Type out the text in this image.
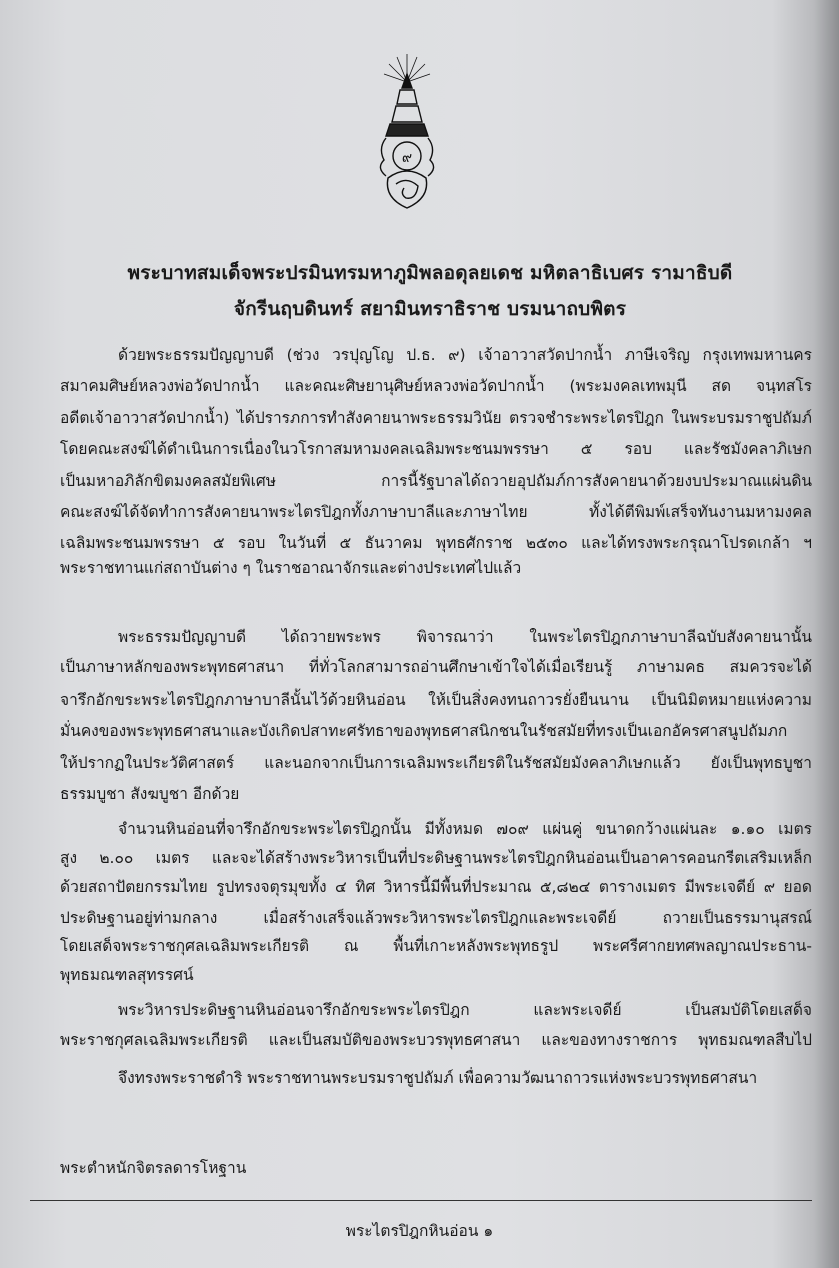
๙
พระบาทสมเด็จพระปรมินทรมหาภูมิพลอดุลยเดช มหิตลาธิเบศร รามาธิบดี
จักรีนฤบดินทร์ สยามินทราธิราช บรมนาถบพิตร
ด้วยพระธรรมปัญญาบดี (ช่วง วรปุญโญ ป.ธ. ๙) เจ้าอาวาสวัดปากน้ำ ภาษีเจริญ กรุงเทพมหานคร
สมาคมศิษย์หลวงพ่อวัดปากน้ำ และคณะศิษยานุศิษย์หลวงพ่อวัดปากน้ำ (พระมงคลเทพมุนี สด จนฺทสโร
อดีตเจ้าอาวาสวัดปากน้ำ) ได้ปรารภการทำสังคายนาพระธรรมวินัย ตรวจชำระพระไตรปิฎก ในพระบรมราชูปถัมภ์
โดยคณะสงฆ์ได้ดำเนินการเนื่องในวโรกาสมหามงคลเฉลิมพระชนมพรรษา ๕ รอบ และรัชมังคลาภิเษก
เป็นมหาอภิลักขิตมงคลสมัยพิเศษ การนี้รัฐบาลได้ถวายอุปถัมภ์การสังคายนาด้วยงบประมาณแผ่นดิน
คณะสงฆ์ได้จัดทำการสังคายนาพระไตรปิฎกทั้งภาษาบาลีและภาษาไทย ทั้งได้ตีพิมพ์เสร็จทันงานมหามงคล
เฉลิมพระชนมพรรษา ๕ รอบ ในวันที่ ๕ ธันวาคม พุทธศักราช ๒๕๓๐ และได้ทรงพระกรุณาโปรดเกล้า ฯ
พระราชทานแก่สถาบันต่าง ๆ ในราชอาณาจักรและต่างประเทศไปแล้ว
พระธรรมปัญญาบดี ได้ถวายพระพร พิจารณาว่า ในพระไตรปิฎกภาษาบาลีฉบับสังคายนานั้น
เป็นภาษาหลักของพระพุทธศาสนา ที่ทั่วโลกสามารถอ่านศึกษาเข้าใจได้เมื่อเรียนรู้ ภาษามคธ สมควรจะได้
จารึกอักขระพระไตรปิฎกภาษาบาลีนั้นไว้ด้วยหินอ่อน ให้เป็นสิ่งคงทนถาวรยั่งยืนนาน เป็นนิมิตหมายแห่งความ
มั่นคงของพระพุทธศาสนาและบังเกิดปสาทะศรัทธาของพุทธศาสนิกชนในรัชสมัยที่ทรงเป็นเอกอัครศาสนูปถัมภก
ให้ปรากฏในประวัติศาสตร์ และนอกจากเป็นการเฉลิมพระเกียรติในรัชสมัยมังคลาภิเษกแล้ว ยังเป็นพุทธบูชา
ธรรมบูชา สังฆบูชา อีกด้วย
จำนวนหินอ่อนที่จารึกอักขระพระไตรปิฎกนั้น มีทั้งหมด ๗๐๙ แผ่นคู่ ขนาดกว้างแผ่นละ ๑.๑๐ เมตร
สูง ๒.๐๐ เมตร และจะได้สร้างพระวิหารเป็นที่ประดิษฐานพระไตรปิฎกหินอ่อนเป็นอาคารคอนกรีตเสริมเหล็ก
ด้วยสถาปัตยกรรมไทย รูปทรงจตุรมุขทั้ง ๔ ทิศ วิหารนี้มีพื้นที่ประมาณ ๕,๘๒๔ ตารางเมตร มีพระเจดีย์ ๙ ยอด
ประดิษฐานอยู่ท่ามกลาง เมื่อสร้างเสร็จแล้วพระวิหารพระไตรปิฎกและพระเจดีย์ ถวายเป็นธรรมานุสรณ์
โดยเสด็จพระราชกุศลเฉลิมพระเกียรติ ณ พื้นที่เกาะหลังพระพุทธรูป พระศรีศากยทศพลญาณประธาน-
พุทธมณฑลสุทรรศน์
พระวิหารประดิษฐานหินอ่อนจารึกอักขระพระไตรปิฎก และพระเจดีย์ เป็นสมบัติโดยเสด็จ
พระราชกุศลเฉลิมพระเกียรติ และเป็นสมบัติของพระบวรพุทธศาสนา และของทางราชการ พุทธมณฑลสืบไป
จึงทรงพระราชดำริ พระราชทานพระบรมราชูปถัมภ์ เพื่อความวัฒนาถาวรแห่งพระบวรพุทธศาสนา
พระตำหนักจิตรลดารโหฐาน
พระไตรปิฎกหินอ่อน ๑
